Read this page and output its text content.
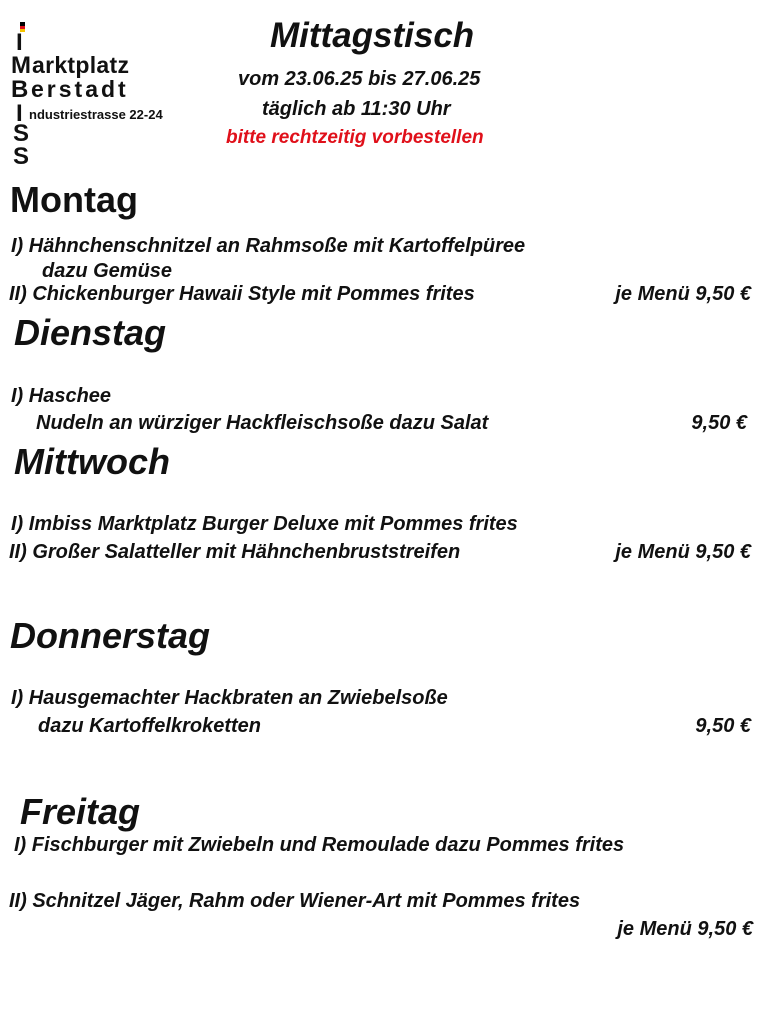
I
M arktplatz
B erstadt
I ndustriestrasse 22-24
S
S
Mittagstisch
vom 23.06.25 bis 27.06.25
täglich ab 11:30 Uhr
bitte rechtzeitig vorbestellen
Montag
I) Hähnchenschnitzel an Rahmsoße mit Kartoffelpüree
dazu Gemüse
II) Chickenburger Hawaii Style mit Pommes frites	je Menü 9,50 €
Dienstag
I) Haschee
Nudeln an würziger Hackfleischsoße dazu Salat	9,50 €
Mittwoch
I) Imbiss Marktplatz Burger Deluxe mit Pommes frites
II) Großer Salatteller mit Hähnchenbruststreifen	je Menü 9,50 €
Donnerstag
I) Hausgemachter Hackbraten an Zwiebelsoße
dazu Kartoffelkroketten	9,50 €
Freitag
I) Fischburger mit Zwiebeln und Remoulade dazu Pommes frites
II) Schnitzel Jäger, Rahm oder Wiener-Art mit Pommes frites
je Menü 9,50 €
